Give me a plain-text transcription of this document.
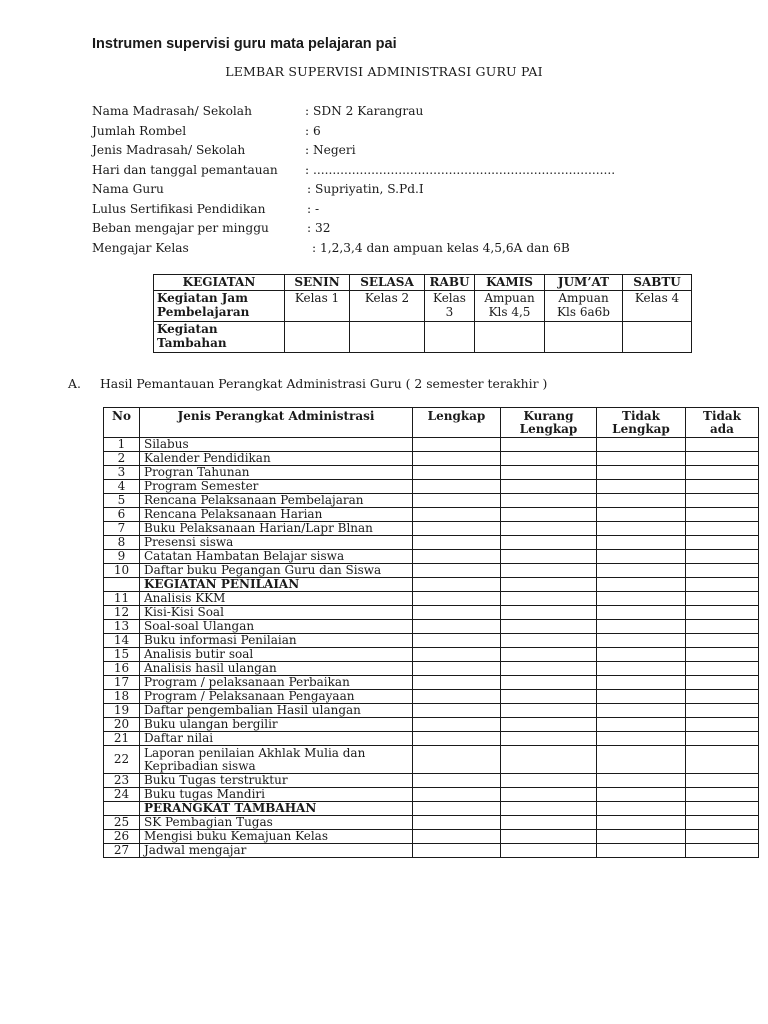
Instrumen supervisi guru mata pelajaran pai
LEMBAR SUPERVISI ADMINISTRASI GURU PAI
Nama Madrasah/ Sekolah	: SDN 2 Karangrau
Jumlah Rombel	: 6
Jenis Madrasah/ Sekolah	: Negeri
Hari dan tanggal pemantauan : ..............................................................................
Nama Guru	: Supriyatin, S.Pd.I
Lulus Sertifikasi Pendidikan	: -
Beban mengajar per minggu	: 32
Mengajar Kelas	: 1,2,3,4 dan ampuan kelas 4,5,6A dan 6B
KEGIATAN	SENIN	SELASA	RABU	KAMIS	JUM’AT	SABTU
Kegiatan Jam Pembelajaran	Kelas 1	Kelas 2	Kelas 3	Ampuan Kls 4,5	Ampuan Kls 6a6b	Kelas 4
Kegiatan Tambahan						
A. Hasil Pemantauan Perangkat Administrasi Guru ( 2 semester terakhir )
No	Jenis Perangkat Administrasi	Lengkap	Kurang Lengkap	Tidak Lengkap	Tidak ada
1	Silabus				
2	Kalender Pendidikan				
3	Progran Tahunan				
4	Program Semester				
5	Rencana Pelaksanaan Pembelajaran				
6	Rencana Pelaksanaan Harian				
7	Buku Pelaksanaan Harian/Lapr Blnan				
8	Presensi siswa				
9	Catatan Hambatan Belajar siswa				
10	Daftar buku Pegangan Guru dan Siswa				
	KEGIATAN PENILAIAN				
11	Analisis KKM				
12	Kisi-Kisi Soal				
13	Soal-soal Ulangan				
14	Buku informasi Penilaian				
15	Analisis butir soal				
16	Analisis hasil ulangan				
17	Program / pelaksanaan Perbaikan				
18	Program / Pelaksanaan Pengayaan				
19	Daftar pengembalian Hasil ulangan				
20	Buku ulangan bergilir				
21	Daftar nilai				
22	Laporan penilaian Akhlak Mulia dan Kepribadian siswa				
23	Buku Tugas terstruktur				
24	Buku tugas Mandiri				
	PERANGKAT TAMBAHAN				
25	SK Pembagian Tugas				
26	Mengisi buku Kemajuan Kelas				
27	Jadwal mengajar				
